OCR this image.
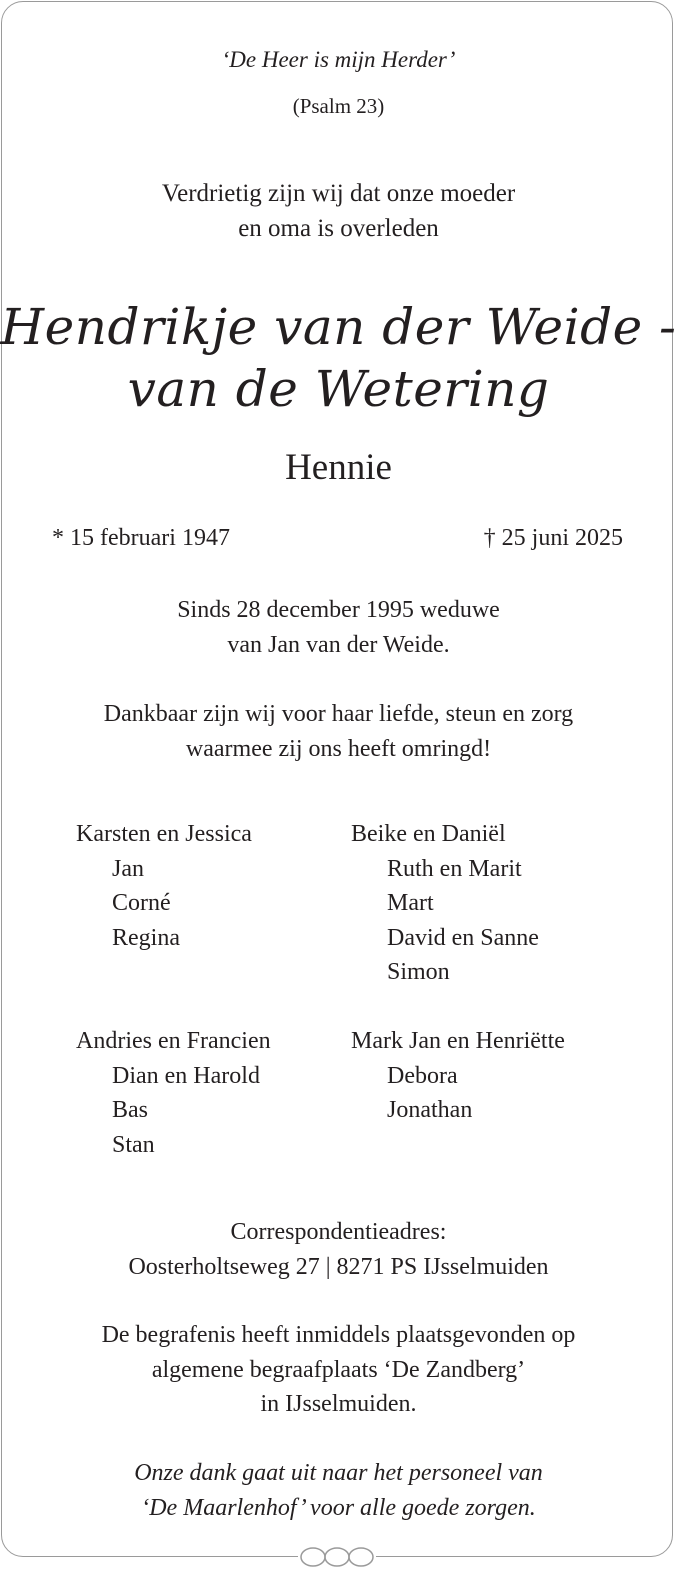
‘De Heer is mijn Herder’
(Psalm 23)
Verdrietig zijn wij dat onze moeder
en oma is overleden
Hendrikje van der Weide -
van de Wetering
Hennie
* 15 februari 1947	† 25 juni 2025
Sinds 28 december 1995 weduwe
van Jan van der Weide.
Dankbaar zijn wij voor haar liefde, steun en zorg
waarmee zij ons heeft omringd!
Karsten en Jessica
Jan
Corné
Regina
Beike en Daniël
Ruth en Marit
Mart
David en Sanne
Simon
Andries en Francien
Dian en Harold
Bas
Stan
Mark Jan en Henriëtte
Debora
Jonathan
Correspondentieadres:
Oosterholtseweg 27 | 8271 PS IJsselmuiden
De begrafenis heeft inmiddels plaatsgevonden op
algemene begraafplaats ‘De Zandberg’
in IJsselmuiden.
Onze dank gaat uit naar het personeel van
‘De Maarlenhof’ voor alle goede zorgen.
